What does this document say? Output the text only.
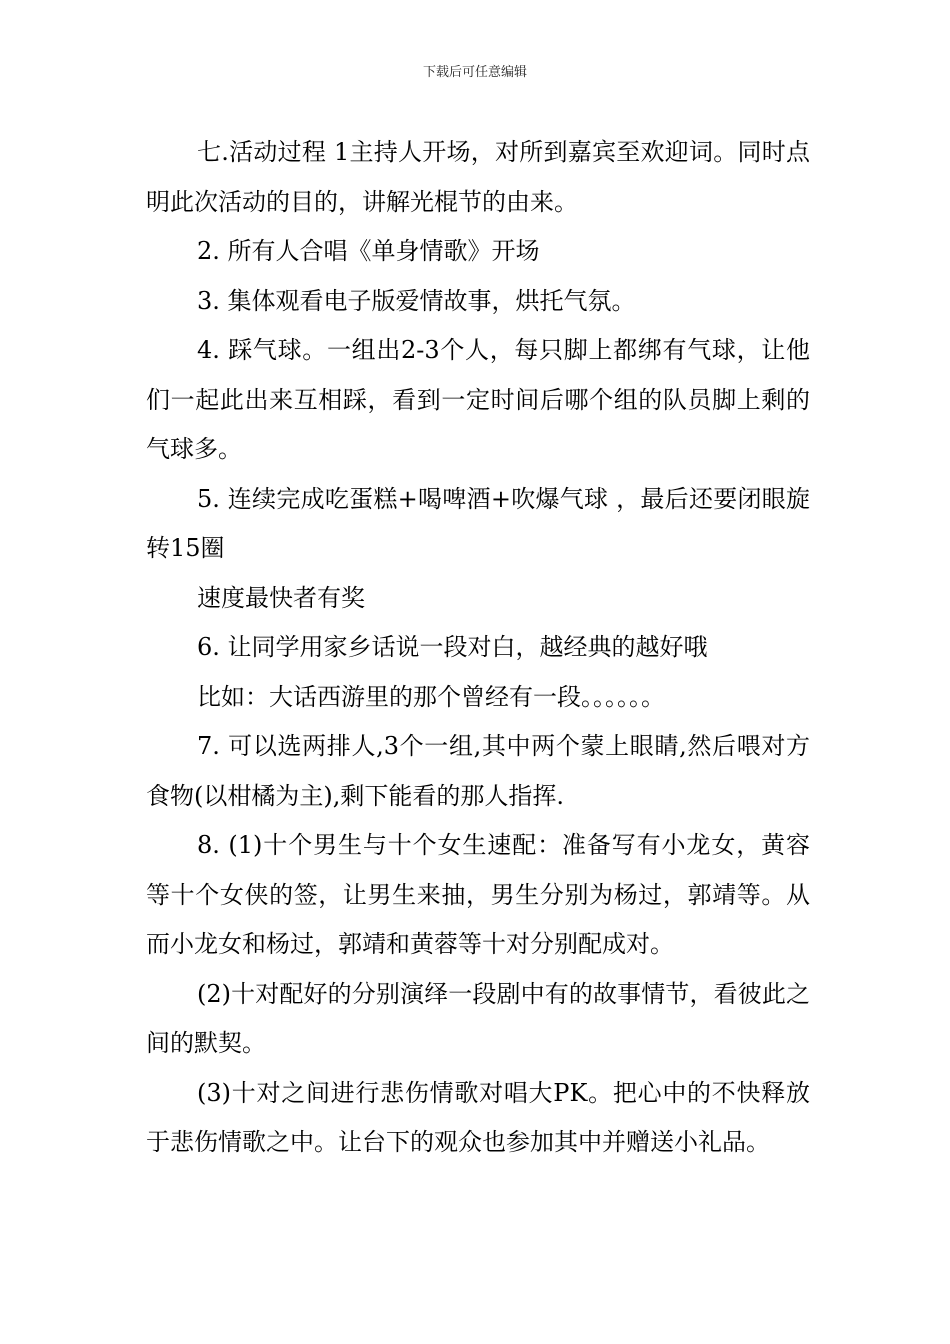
下载后可任意编辑

七.活动过程 1主持人开场，对所到嘉宾至欢迎词。同时点明此次活动的目的，讲解光棍节的由来。

2. 所有人合唱《单身情歌》开场

3. 集体观看电子版爱情故事，烘托气氛。

4. 踩气球。一组出2-3个人，每只脚上都绑有气球，让他们一起此出来互相踩，看到一定时间后哪个组的队员脚上剩的气球多。

5. 连续完成吃蛋糕+喝啤酒+吹爆气球 ，最后还要闭眼旋转15圈

速度最快者有奖

6. 让同学用家乡话说一段对白，越经典的越好哦

比如：大话西游里的那个曾经有一段。。。。。。

7. 可以选两排人,3个一组,其中两个蒙上眼睛,然后喂对方食物(以柑橘为主),剩下能看的那人指挥.

8. (1)十个男生与十个女生速配：准备写有小龙女，黄容等十个女侠的签，让男生来抽，男生分别为杨过，郭靖等。从而小龙女和杨过，郭靖和黄蓉等十对分别配成对。

(2)十对配好的分别演绎一段剧中有的故事情节，看彼此之间的默契。

(3)十对之间进行悲伤情歌对唱大PK。把心中的不快释放于悲伤情歌之中。让台下的观众也参加其中并赠送小礼品。
